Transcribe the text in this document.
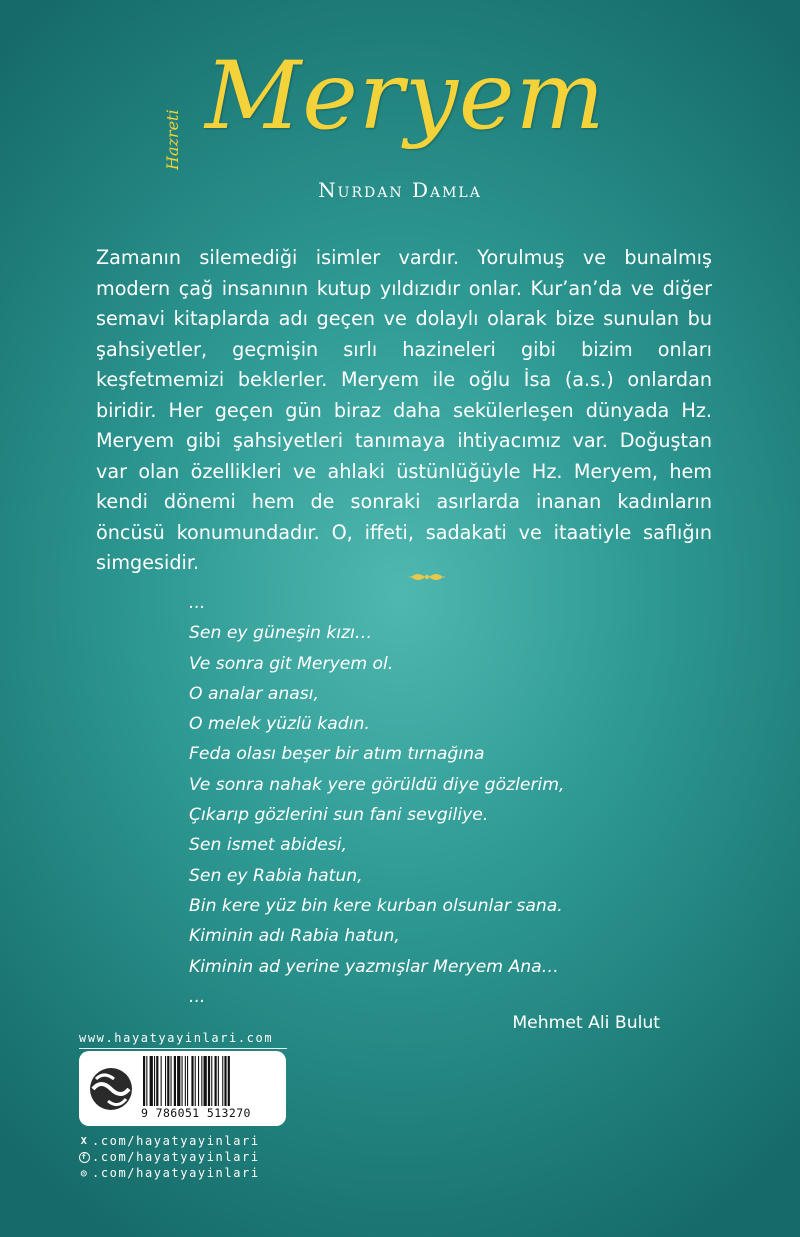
Hazreti Meryem
Nurdan Damla

Zamanın silemediği isimler vardır. Yorulmuş ve bunalmış modern çağ insanının kutup yıldızıdır onlar. Kur’an’da ve diğer semavi kitaplarda adı geçen ve dolaylı olarak bize sunulan bu şahsiyetler, geçmişin sırlı hazineleri gibi bizim onları keşfetmemizi beklerler. Meryem ile oğlu İsa (a.s.) onlardan biridir. Her geçen gün biraz daha sekülerleşen dünyada Hz. Meryem gibi şahsiyetleri tanımaya ihtiyacımız var. Doğuştan var olan özellikleri ve ahlaki üstünlüğüyle Hz. Meryem, hem kendi dönemi hem de sonraki asırlarda inanan kadınların öncüsü konumundadır. O, iffeti, sadakati ve itaatiyle saflığın simgesidir.

...
Sen ey güneşin kızı…
Ve sonra git Meryem ol.
O analar anası,
O melek yüzlü kadın.
Feda olası beşer bir atım tırnağına
Ve sonra nahak yere görüldü diye gözlerim,
Çıkarıp gözlerini sun fani sevgiliye.
Sen ismet abidesi,
Sen ey Rabia hatun,
Bin kere yüz bin kere kurban olsunlar sana.
Kiminin adı Rabia hatun,
Kiminin ad yerine yazmışlar Meryem Ana…
...
Mehmet Ali Bulut
www.hayatyayinlari.com
9 786051 513270
X .com/hayatyayinlari
f .com/hayatyayinlari
◎ .com/hayatyayinlari
